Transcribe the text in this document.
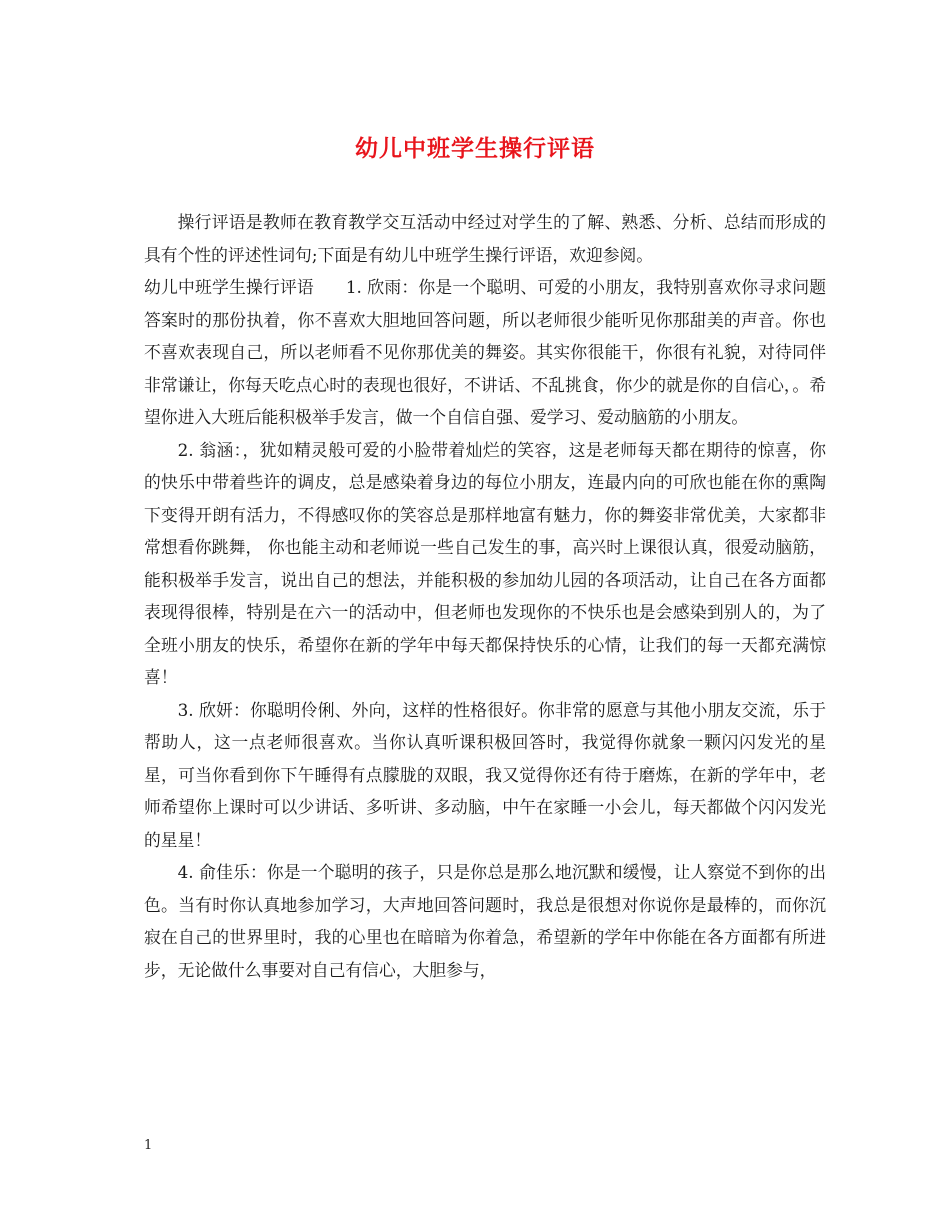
幼儿中班学生操行评语

操行评语是教师在教育教学交互活动中经过对学生的了解、熟悉、分析、总结而形成的具有个性的评述性词句;下面是有幼儿中班学生操行评语，欢迎参阅。

幼儿中班学生操行评语 1. 欣雨：你是一个聪明、可爱的小朋友，我特别喜欢你寻求问题答案时的那份执着，你不喜欢大胆地回答问题，所以老师很少能听见你那甜美的声音。你也不喜欢表现自己，所以老师看不见你那优美的舞姿。其实你很能干，你很有礼貌，对待同伴非常谦让，你每天吃点心时的表现也很好，不讲话、不乱挑食，你少的就是你的自信心，。希望你进入大班后能积极举手发言，做一个自信自强、爱学习、爱动脑筋的小朋友。

2. 翁涵：，犹如精灵般可爱的小脸带着灿烂的笑容，这是老师每天都在期待的惊喜，你的快乐中带着些许的调皮，总是感染着身边的每位小朋友，连最内向的可欣也能在你的熏陶下变得开朗有活力，不得感叹你的笑容总是那样地富有魅力，你的舞姿非常优美，大家都非常想看你跳舞， 你也能主动和老师说一些自己发生的事，高兴时上课很认真，很爱动脑筋，能积极举手发言，说出自己的想法，并能积极的参加幼儿园的各项活动，让自己在各方面都表现得很棒，特别是在六一的活动中，但老师也发现你的不快乐也是会感染到别人的，为了全班小朋友的快乐，希望你在新的学年中每天都保持快乐的心情，让我们的每一天都充满惊喜！

3. 欣妍：你聪明伶俐、外向，这样的性格很好。你非常的愿意与其他小朋友交流，乐于帮助人，这一点老师很喜欢。当你认真听课积极回答时，我觉得你就象一颗闪闪发光的星星，可当你看到你下午睡得有点朦胧的双眼，我又觉得你还有待于磨炼，在新的学年中，老师希望你上课时可以少讲话、多听讲、多动脑，中午在家睡一小会儿，每天都做个闪闪发光的星星！

4. 俞佳乐：你是一个聪明的孩子，只是你总是那么地沉默和缓慢，让人察觉不到你的出色。当有时你认真地参加学习，大声地回答问题时，我总是很想对你说你是最棒的，而你沉寂在自己的世界里时，我的心里也在暗暗为你着急，希望新的学年中你能在各方面都有所进步，无论做什么事要对自己有信心，大胆参与，

1
